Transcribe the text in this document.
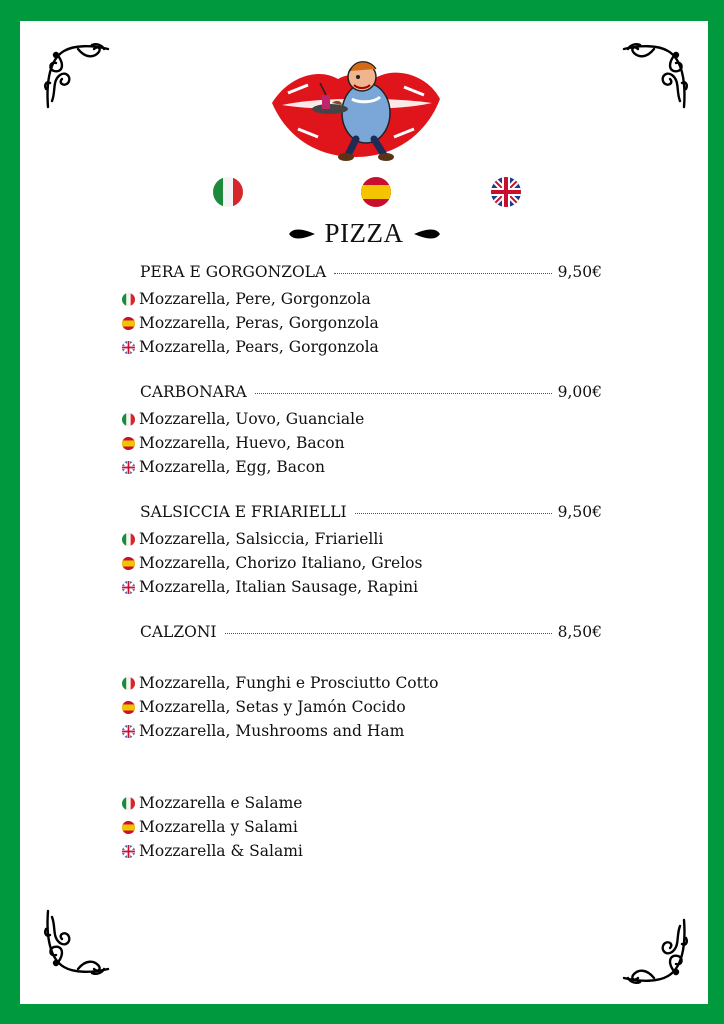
PIZZA
PERA E GORGONZOLA	9,50€
Mozzarella, Pere, Gorgonzola
Mozzarella, Peras, Gorgonzola
Mozzarella, Pears, Gorgonzola
CARBONARA	9,00€
Mozzarella, Uovo, Guanciale
Mozzarella, Huevo, Bacon
Mozzarella, Egg, Bacon
SALSICCIA E FRIARIELLI	9,50€
Mozzarella, Salsiccia, Friarielli
Mozzarella, Chorizo Italiano, Grelos
Mozzarella, Italian Sausage, Rapini
CALZONI	8,50€
Mozzarella, Funghi e Prosciutto Cotto
Mozzarella, Setas y Jamón Cocido
Mozzarella, Mushrooms and Ham
Mozzarella e Salame
Mozzarella y Salami
Mozzarella & Salami
